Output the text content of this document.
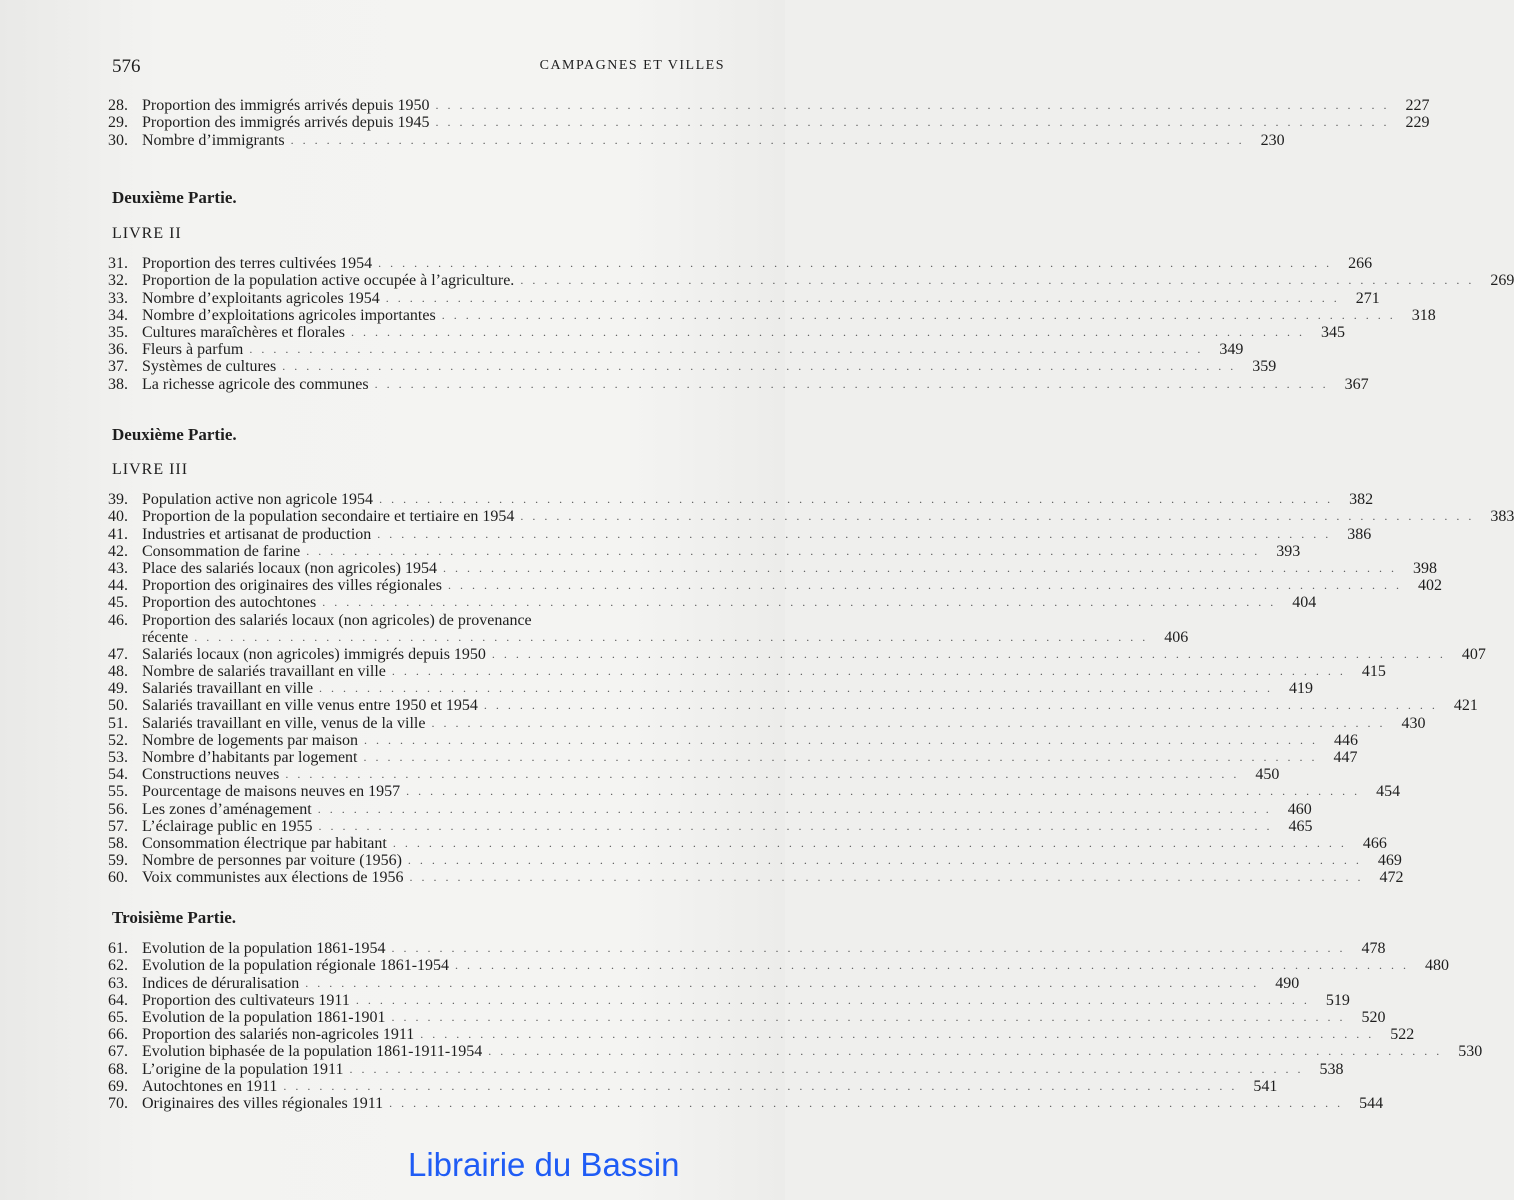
576	CAMPAGNES ET VILLES
28. Proportion des immigrés arrivés depuis 1950 . . . . . . . . . . . . . . . . . . . . . . . . . . . . . . . . . . . . . . . . . . . . . . . . . . . . . . . . . . . . . . . . . . . . . . . . . . . . . . . .	227
29. Proportion des immigrés arrivés depuis 1945 . . . . . . . . . . . . . . . . . . . . . . . . . . . . . . . . . . . . . . . . . . . . . . . . . . . . . . . . . . . . . . . . . . . . . . . . . . . . . . . .	229
30. Nombre d’immigrants . . . . . . . . . . . . . . . . . . . . . . . . . . . . . . . . . . . . . . . . . . . . . . . . . . . . . . . . . . . . . . . . . . . . . . . . . . . . . . . .	230
Deuxième Partie.
LIVRE II
31. Proportion des terres cultivées 1954 . . . . . . . . . . . . . . . . . . . . . . . . . . . . . . . . . . . . . . . . . . . . . . . . . . . . . . . . . . . . . . . . . . . . . . . . . . . . . . . .	266
32. Proportion de la population active occupée à l’agriculture. . . . . . . . . . . . . . . . . . . . . . . . . . . . . . . . . . . . . . . . . . . . . . . . . . . . . . . . . . . . . . . . . . . . . . . . . . . . . . . . .	269
33. Nombre d’exploitants agricoles 1954 . . . . . . . . . . . . . . . . . . . . . . . . . . . . . . . . . . . . . . . . . . . . . . . . . . . . . . . . . . . . . . . . . . . . . . . . . . . . . . . .	271
34. Nombre d’exploitations agricoles importantes . . . . . . . . . . . . . . . . . . . . . . . . . . . . . . . . . . . . . . . . . . . . . . . . . . . . . . . . . . . . . . . . . . . . . . . . . . . . . . . .	318
35. Cultures maraîchères et florales . . . . . . . . . . . . . . . . . . . . . . . . . . . . . . . . . . . . . . . . . . . . . . . . . . . . . . . . . . . . . . . . . . . . . . . . . . . . . . . .	345
36. Fleurs à parfum . . . . . . . . . . . . . . . . . . . . . . . . . . . . . . . . . . . . . . . . . . . . . . . . . . . . . . . . . . . . . . . . . . . . . . . . . . . . . . . .	349
37. Systèmes de cultures . . . . . . . . . . . . . . . . . . . . . . . . . . . . . . . . . . . . . . . . . . . . . . . . . . . . . . . . . . . . . . . . . . . . . . . . . . . . . . . .	359
38. La richesse agricole des communes . . . . . . . . . . . . . . . . . . . . . . . . . . . . . . . . . . . . . . . . . . . . . . . . . . . . . . . . . . . . . . . . . . . . . . . . . . . . . . . .	367
Deuxième Partie.
LIVRE III
39. Population active non agricole 1954 . . . . . . . . . . . . . . . . . . . . . . . . . . . . . . . . . . . . . . . . . . . . . . . . . . . . . . . . . . . . . . . . . . . . . . . . . . . . . . . .	382
40. Proportion de la population secondaire et tertiaire en 1954 . . . . . . . . . . . . . . . . . . . . . . . . . . . . . . . . . . . . . . . . . . . . . . . . . . . . . . . . . . . . . . . . . . . . . . . . . . . . . . . .	383
41. Industries et artisanat de production . . . . . . . . . . . . . . . . . . . . . . . . . . . . . . . . . . . . . . . . . . . . . . . . . . . . . . . . . . . . . . . . . . . . . . . . . . . . . . . .	386
42. Consommation de farine . . . . . . . . . . . . . . . . . . . . . . . . . . . . . . . . . . . . . . . . . . . . . . . . . . . . . . . . . . . . . . . . . . . . . . . . . . . . . . . .	393
43. Place des salariés locaux (non agricoles) 1954 . . . . . . . . . . . . . . . . . . . . . . . . . . . . . . . . . . . . . . . . . . . . . . . . . . . . . . . . . . . . . . . . . . . . . . . . . . . . . . . .	398
44. Proportion des originaires des villes régionales . . . . . . . . . . . . . . . . . . . . . . . . . . . . . . . . . . . . . . . . . . . . . . . . . . . . . . . . . . . . . . . . . . . . . . . . . . . . . . . .	402
45. Proportion des autochtones . . . . . . . . . . . . . . . . . . . . . . . . . . . . . . . . . . . . . . . . . . . . . . . . . . . . . . . . . . . . . . . . . . . . . . . . . . . . . . . .	404
46. Proportion des salariés locaux (non agricoles) de provenance
récente . . . . . . . . . . . . . . . . . . . . . . . . . . . . . . . . . . . . . . . . . . . . . . . . . . . . . . . . . . . . . . . . . . . . . . . . . . . . . . . .	406
47. Salariés locaux (non agricoles) immigrés depuis 1950 . . . . . . . . . . . . . . . . . . . . . . . . . . . . . . . . . . . . . . . . . . . . . . . . . . . . . . . . . . . . . . . . . . . . . . . . . . . . . . . .	407
48. Nombre de salariés travaillant en ville . . . . . . . . . . . . . . . . . . . . . . . . . . . . . . . . . . . . . . . . . . . . . . . . . . . . . . . . . . . . . . . . . . . . . . . . . . . . . . . .	415
49. Salariés travaillant en ville . . . . . . . . . . . . . . . . . . . . . . . . . . . . . . . . . . . . . . . . . . . . . . . . . . . . . . . . . . . . . . . . . . . . . . . . . . . . . . . .	419
50. Salariés travaillant en ville venus entre 1950 et 1954 . . . . . . . . . . . . . . . . . . . . . . . . . . . . . . . . . . . . . . . . . . . . . . . . . . . . . . . . . . . . . . . . . . . . . . . . . . . . . . . .	421
51. Salariés travaillant en ville, venus de la ville . . . . . . . . . . . . . . . . . . . . . . . . . . . . . . . . . . . . . . . . . . . . . . . . . . . . . . . . . . . . . . . . . . . . . . . . . . . . . . . .	430
52. Nombre de logements par maison . . . . . . . . . . . . . . . . . . . . . . . . . . . . . . . . . . . . . . . . . . . . . . . . . . . . . . . . . . . . . . . . . . . . . . . . . . . . . . . .	446
53. Nombre d’habitants par logement . . . . . . . . . . . . . . . . . . . . . . . . . . . . . . . . . . . . . . . . . . . . . . . . . . . . . . . . . . . . . . . . . . . . . . . . . . . . . . . .	447
54. Constructions neuves . . . . . . . . . . . . . . . . . . . . . . . . . . . . . . . . . . . . . . . . . . . . . . . . . . . . . . . . . . . . . . . . . . . . . . . . . . . . . . . .	450
55. Pourcentage de maisons neuves en 1957 . . . . . . . . . . . . . . . . . . . . . . . . . . . . . . . . . . . . . . . . . . . . . . . . . . . . . . . . . . . . . . . . . . . . . . . . . . . . . . . .	454
56. Les zones d’aménagement . . . . . . . . . . . . . . . . . . . . . . . . . . . . . . . . . . . . . . . . . . . . . . . . . . . . . . . . . . . . . . . . . . . . . . . . . . . . . . . .	460
57. L’éclairage public en 1955 . . . . . . . . . . . . . . . . . . . . . . . . . . . . . . . . . . . . . . . . . . . . . . . . . . . . . . . . . . . . . . . . . . . . . . . . . . . . . . . .	465
58. Consommation électrique par habitant . . . . . . . . . . . . . . . . . . . . . . . . . . . . . . . . . . . . . . . . . . . . . . . . . . . . . . . . . . . . . . . . . . . . . . . . . . . . . . . .	466
59. Nombre de personnes par voiture (1956) . . . . . . . . . . . . . . . . . . . . . . . . . . . . . . . . . . . . . . . . . . . . . . . . . . . . . . . . . . . . . . . . . . . . . . . . . . . . . . . .	469
60. Voix communistes aux élections de 1956 . . . . . . . . . . . . . . . . . . . . . . . . . . . . . . . . . . . . . . . . . . . . . . . . . . . . . . . . . . . . . . . . . . . . . . . . . . . . . . . .	472
Troisième Partie.
61. Evolution de la population 1861-1954 . . . . . . . . . . . . . . . . . . . . . . . . . . . . . . . . . . . . . . . . . . . . . . . . . . . . . . . . . . . . . . . . . . . . . . . . . . . . . . . .	478
62. Evolution de la population régionale 1861-1954 . . . . . . . . . . . . . . . . . . . . . . . . . . . . . . . . . . . . . . . . . . . . . . . . . . . . . . . . . . . . . . . . . . . . . . . . . . . . . . . .	480
63. Indices de déruralisation . . . . . . . . . . . . . . . . . . . . . . . . . . . . . . . . . . . . . . . . . . . . . . . . . . . . . . . . . . . . . . . . . . . . . . . . . . . . . . . .	490
64. Proportion des cultivateurs 1911 . . . . . . . . . . . . . . . . . . . . . . . . . . . . . . . . . . . . . . . . . . . . . . . . . . . . . . . . . . . . . . . . . . . . . . . . . . . . . . . .	519
65. Evolution de la population 1861-1901 . . . . . . . . . . . . . . . . . . . . . . . . . . . . . . . . . . . . . . . . . . . . . . . . . . . . . . . . . . . . . . . . . . . . . . . . . . . . . . . .	520
66. Proportion des salariés non-agricoles 1911 . . . . . . . . . . . . . . . . . . . . . . . . . . . . . . . . . . . . . . . . . . . . . . . . . . . . . . . . . . . . . . . . . . . . . . . . . . . . . . . .	522
67. Evolution biphasée de la population 1861-1911-1954 . . . . . . . . . . . . . . . . . . . . . . . . . . . . . . . . . . . . . . . . . . . . . . . . . . . . . . . . . . . . . . . . . . . . . . . . . . . . . . . .	530
68. L’origine de la population 1911 . . . . . . . . . . . . . . . . . . . . . . . . . . . . . . . . . . . . . . . . . . . . . . . . . . . . . . . . . . . . . . . . . . . . . . . . . . . . . . . .	538
69. Autochtones en 1911 . . . . . . . . . . . . . . . . . . . . . . . . . . . . . . . . . . . . . . . . . . . . . . . . . . . . . . . . . . . . . . . . . . . . . . . . . . . . . . . .	541
70. Originaires des villes régionales 1911 . . . . . . . . . . . . . . . . . . . . . . . . . . . . . . . . . . . . . . . . . . . . . . . . . . . . . . . . . . . . . . . . . . . . . . . . . . . . . . . .	544
Librairie du Bassin
